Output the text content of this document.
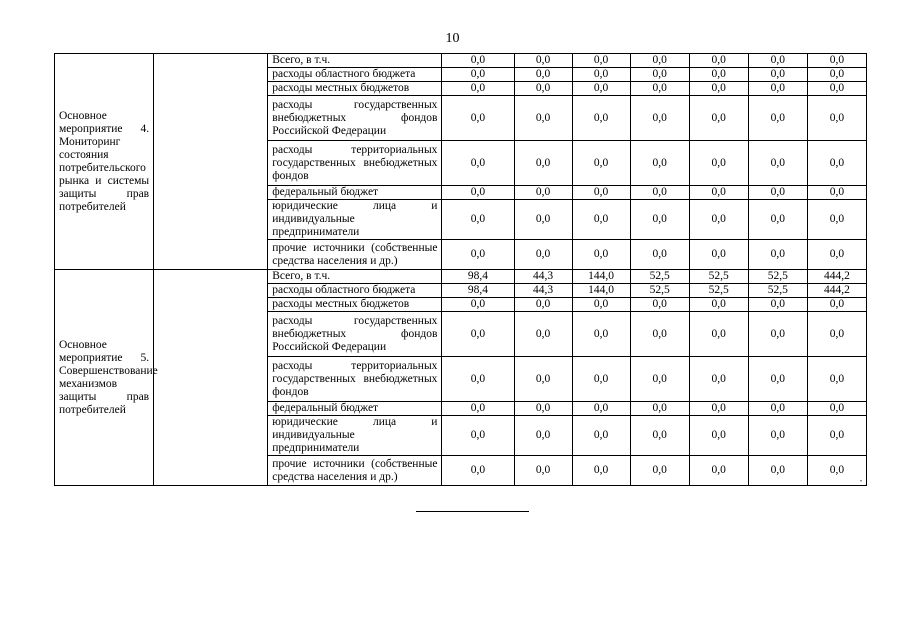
10
Основное мероприятие 4. Мониторинг состояния потребительского рынка и системы защиты прав потребителей		Всего, в т.ч.	0,0	0,0	0,0	0,0	0,0	0,0	0,0
		расходы областного бюджета	0,0	0,0	0,0	0,0	0,0	0,0	0,0
		расходы местных бюджетов	0,0	0,0	0,0	0,0	0,0	0,0	0,0
		расходы государственных внебюджетных фондов Российской Федерации	0,0	0,0	0,0	0,0	0,0	0,0	0,0
		расходы территориальных государственных внебюджетных фондов	0,0	0,0	0,0	0,0	0,0	0,0	0,0
		федеральный бюджет	0,0	0,0	0,0	0,0	0,0	0,0	0,0
		юридические лица и индивидуальные предприниматели	0,0	0,0	0,0	0,0	0,0	0,0	0,0
		прочие источники (собственные средства населения и др.)	0,0	0,0	0,0	0,0	0,0	0,0	0,0
Основное мероприятие 5. Совершенствование механизмов защиты прав потребителей		Всего, в т.ч.	98,4	44,3	144,0	52,5	52,5	52,5	444,2
		расходы областного бюджета	98,4	44,3	144,0	52,5	52,5	52,5	444,2
		расходы местных бюджетов	0,0	0,0	0,0	0,0	0,0	0,0	0,0
		расходы государственных внебюджетных фондов Российской Федерации	0,0	0,0	0,0	0,0	0,0	0,0	0,0
		расходы территориальных государственных внебюджетных фондов	0,0	0,0	0,0	0,0	0,0	0,0	0,0
		федеральный бюджет	0,0	0,0	0,0	0,0	0,0	0,0	0,0
		юридические лица и индивидуальные предприниматели	0,0	0,0	0,0	0,0	0,0	0,0	0,0
		прочие источники (собственные средства населения и др.)	0,0	0,0	0,0	0,0	0,0	0,0	0,0
"
